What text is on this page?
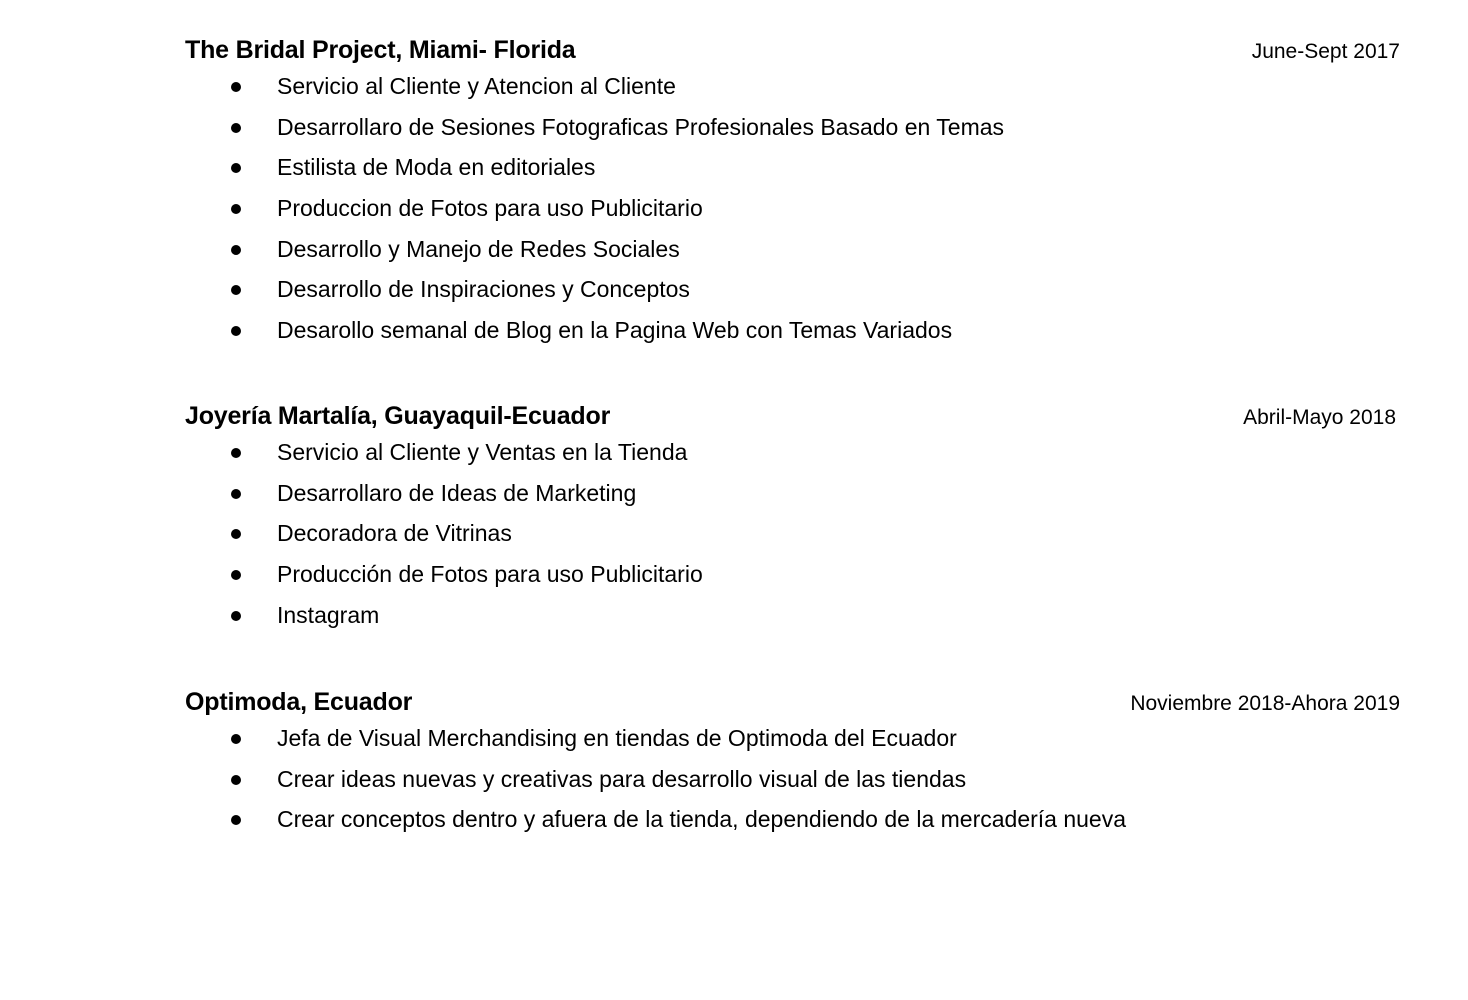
The Bridal Project, Miami- Florida	June-Sept 2017
Servicio al Cliente y Atencion al Cliente
Desarrollaro de Sesiones Fotograficas Profesionales Basado en Temas
Estilista de Moda en editoriales
Produccion de Fotos para uso Publicitario
Desarrollo y Manejo de Redes Sociales
Desarrollo de Inspiraciones y Conceptos
Desarollo semanal de Blog en la Pagina Web con Temas Variados
Joyería Martalía, Guayaquil-Ecuador	Abril-Mayo 2018
Servicio al Cliente y Ventas en la Tienda
Desarrollaro de Ideas de Marketing
Decoradora de Vitrinas
Producción de Fotos para uso Publicitario
Instagram
Optimoda, Ecuador	Noviembre 2018-Ahora 2019
Jefa de Visual Merchandising en tiendas de Optimoda del Ecuador
Crear ideas nuevas y creativas para desarrollo visual de las tiendas
Crear conceptos dentro y afuera de la tienda, dependiendo de la mercadería nueva
